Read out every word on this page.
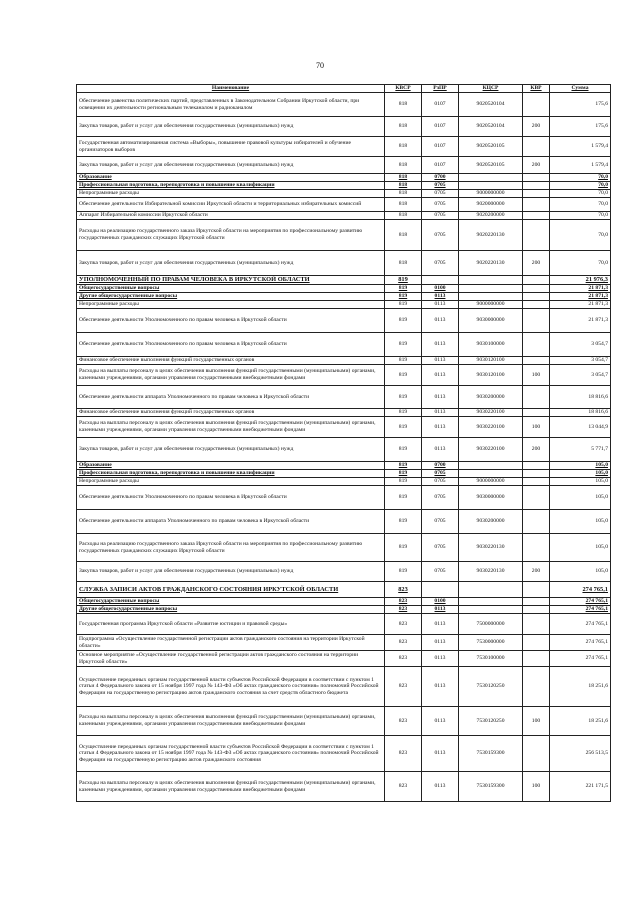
70
Наименование	КВСР	РзПР	КЦСР	КВР	Сумма
Обеспечение равенства политических партий, представленных в Законодательном Собрании Иркутской области, при освещении их деятельности региональным телеканалом и радиоканалом	818	0107	9020520104		175,6
Закупка товаров, работ и услуг для обеспечения государственных (муниципальных) нужд	818	0107	9020520104	200	175,6
Государственная автоматизированная система «Выборы», повышение правовой культуры избирателей и обучение организаторов выборов	818	0107	9020520105		1 579,4
Закупка товаров, работ и услуг для обеспечения государственных (муниципальных) нужд	818	0107	9020520105	200	1 579,4
Образование	818	0700			70,0
Профессиональная подготовка, переподготовка и повышение квалификации	818	0705			70,0
Непрограммные расходы	818	0705	9000000000		70,0
Обеспечение деятельности Избирательной комиссии Иркутской области и территориальных избирательных комиссий	818	0705	9020000000		70,0
Аппарат Избирательной комиссии Иркутской области	818	0705	9020200000		70,0
Расходы на реализацию государственного заказа Иркутской области на мероприятия по профессиональному развитию государственных гражданских служащих Иркутской области	818	0705	9020220130		70,0
Закупка товаров, работ и услуг для обеспечения государственных (муниципальных) нужд	818	0705	9020220130	200	70,0
УПОЛНОМОЧЕННЫЙ ПО ПРАВАМ ЧЕЛОВЕКА В ИРКУТСКОЙ ОБЛАСТИ	819				21 976,3
Общегосударственные вопросы	819	0100			21 871,3
Другие общегосударственные вопросы	819	0113			21 871,3
Непрограммные расходы	819	0113	9000000000		21 871,3
Обеспечение деятельности Уполномоченного по правам человека в Иркутской области	819	0113	9030000000		21 871,3
Обеспечение деятельности Уполномоченного по правам человека в Иркутской области	819	0113	9030100000		3 054,7
Финансовое обеспечение выполнения функций государственных органов	819	0113	9030120100		3 054,7
Расходы на выплаты персоналу в целях обеспечения выполнения функций государственными (муниципальными) органами, казенными учреждениями, органами управления государственными внебюджетными фондами	819	0113	9030120100	100	3 054,7
Обеспечение деятельности аппарата Уполномоченного по правам человека в Иркутской области	819	0113	9030200000		18 816,6
Финансовое обеспечение выполнения функций государственных органов	819	0113	9030220100		18 816,6
Расходы на выплаты персоналу в целях обеспечения выполнения функций государственными (муниципальными) органами, казенными учреждениями, органами управления государственными внебюджетными фондами	819	0113	9030220100	100	13 044,9
Закупка товаров, работ и услуг для обеспечения государственных (муниципальных) нужд	819	0113	9030220100	200	5 771,7
Образование	819	0700			105,0
Профессиональная подготовка, переподготовка и повышение квалификации	819	0705			105,0
Непрограммные расходы	819	0705	9000000000		105,0
Обеспечение деятельности Уполномоченного по правам человека в Иркутской области	819	0705	9030000000		105,0
Обеспечение деятельности аппарата Уполномоченного по правам человека в Иркутской области	819	0705	9030200000		105,0
Расходы на реализацию государственного заказа Иркутской области на мероприятия по профессиональному развитию государственных гражданских служащих Иркутской области	819	0705	9030220130		105,0
Закупка товаров, работ и услуг для обеспечения государственных (муниципальных) нужд	819	0705	9030220130	200	105,0
СЛУЖБА ЗАПИСИ АКТОВ ГРАЖДАНСКОГО СОСТОЯНИЯ ИРКУТСКОЙ ОБЛАСТИ	823				274 765,1
Общегосударственные вопросы	823	0100			274 765,1
Другие общегосударственные вопросы	823	0113			274 765,1
Государственная программа Иркутской области «Развитие юстиции и правовой среды»	823	0113	7500000000		274 765,1
Подпрограмма «Осуществление государственной регистрации актов гражданского состояния на территории Иркутской области»	823	0113	7530000000		274 765,1
Основное мероприятие «Осуществление государственной регистрации актов гражданского состояния на территории Иркутской области»	823	0113	7530100000		274 765,1
Осуществление переданных органам государственной власти субъектов Российской Федерации в соответствии с пунктом 1 статьи 4 Федерального закона от 15 ноября 1997 года № 143-ФЗ «Об актах гражданского состояния» полномочий Российской Федерации на государственную регистрацию актов гражданского состояния за счет средств областного бюджета	823	0113	7530120250		18 251,6
Расходы на выплаты персоналу в целях обеспечения выполнения функций государственными (муниципальными) органами, казенными учреждениями, органами управления государственными внебюджетными фондами	823	0113	7530120250	100	18 251,6
Осуществление переданных органам государственной власти субъектов Российской Федерации в соответствии с пунктом 1 статьи 4 Федерального закона от 15 ноября 1997 года № 143-ФЗ «Об актах гражданского состояния» полномочий Российской Федерации на государственную регистрацию актов гражданского состояния	823	0113	7530159300		256 513,5
Расходы на выплаты персоналу в целях обеспечения выполнения функций государственными (муниципальными) органами, казенными учреждениями, органами управления государственными внебюджетными фондами	823	0113	7530159300	100	221 171,5
